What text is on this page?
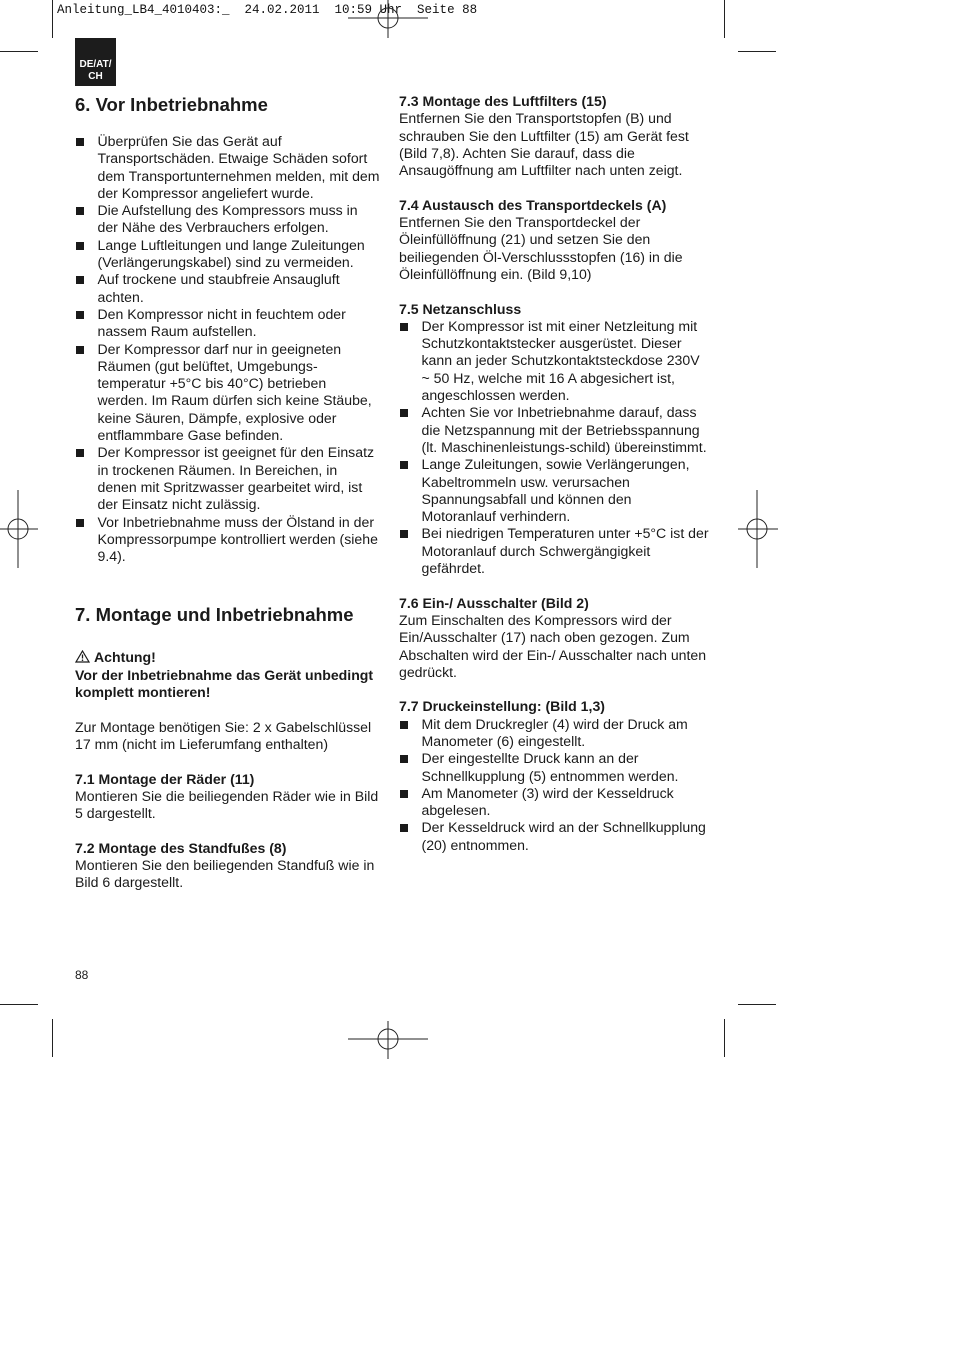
Anleitung_LB4_4010403:_  24.02.2011  10:59 Uhr  Seite 88
DE/AT/
CH
6. Vor Inbetriebnahme
Überprüfen Sie das Gerät auf Transportschäden. Etwaige Schäden sofort dem Transportunternehmen melden, mit dem der Kompressor angeliefert wurde.
Die Aufstellung des Kompressors muss in der Nähe des Verbrauchers erfolgen.
Lange Luftleitungen und lange Zuleitungen (Verlängerungskabel) sind zu vermeiden.
Auf trockene und staubfreie Ansaugluft achten.
Den Kompressor nicht in feuchtem oder nassem Raum aufstellen.
Der Kompressor darf nur in geeigneten Räumen (gut belüftet, Umgebungs-temperatur +5°C bis 40°C) betrieben werden. Im Raum dürfen sich keine Stäube, keine Säuren, Dämpfe, explosive oder entflammbare Gase befinden.
Der Kompressor ist geeignet für den Einsatz in trockenen Räumen. In Bereichen, in denen mit Spritzwasser gearbeitet wird, ist der Einsatz nicht zulässig.
Vor Inbetriebnahme muss der Ölstand in der Kompressorpumpe kontrolliert werden (siehe 9.4).
7. Montage und Inbetriebnahme

Achtung!

Vor der Inbetriebnahme das Gerät unbedingt komplett montieren!

Zur Montage benötigen Sie: 2 x Gabelschlüssel 17 mm (nicht im Lieferumfang enthalten)

7.1 Montage der Räder (11)

Montieren Sie die beiliegenden Räder wie in Bild 5 dargestellt.

7.2 Montage des Standfußes (8)

Montieren Sie den beiliegenden Standfuß wie in Bild 6 dargestellt.

7.3 Montage des Luftfilters (15)

Entfernen Sie den Transportstopfen (B) und schrauben Sie den Luftfilter (15) am Gerät fest (Bild 7,8). Achten Sie darauf, dass die Ansaugöffnung am Luftfilter nach unten zeigt.

7.4 Austausch des Transportdeckels (A)

Entfernen Sie den Transportdeckel der Öleinfüllöffnung (21) und setzen Sie den beiliegenden Öl-Verschlussstopfen (16) in die Öleinfüllöffnung ein. (Bild 9,10)

7.5 Netzanschluss
Der Kompressor ist mit einer Netzleitung mit Schutzkontaktstecker ausgerüstet. Dieser kann an jeder Schutzkontaktsteckdose 230V ~ 50 Hz, welche mit 16 A abgesichert ist, angeschlossen werden.
Achten Sie vor Inbetriebnahme darauf, dass die Netzspannung mit der Betriebsspannung (lt. Maschinenleistungs-schild) übereinstimmt.
Lange Zuleitungen, sowie Verlängerungen, Kabeltrommeln usw. verursachen Spannungsabfall und können den Motoranlauf verhindern.
Bei niedrigen Temperaturen unter +5°C ist der Motoranlauf durch Schwergängigkeit gefährdet.
7.6 Ein-/ Ausschalter (Bild 2)

Zum Einschalten des Kompressors wird der Ein/Ausschalter (17) nach oben gezogen. Zum Abschalten wird der Ein-/ Ausschalter nach unten gedrückt.

7.7 Druckeinstellung: (Bild 1,3)
Mit dem Druckregler (4) wird der Druck am Manometer (6) eingestellt.
Der eingestellte Druck kann an der Schnellkupplung (5) entnommen werden.
Am Manometer (3) wird der Kesseldruck abgelesen.
Der Kesseldruck wird an der Schnellkupplung (20) entnommen.
88
